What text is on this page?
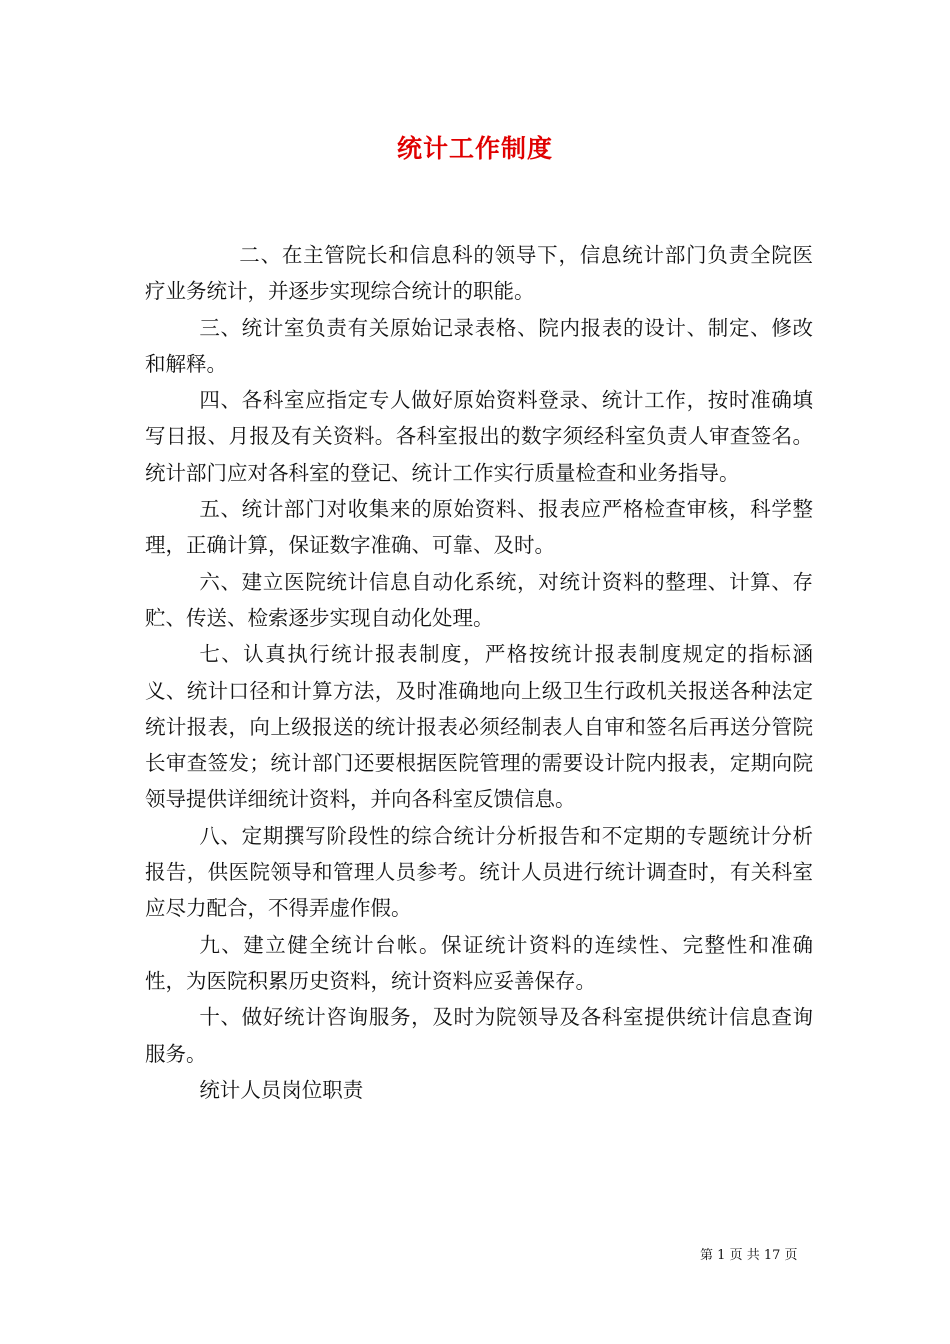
统计工作制度

二、在主管院长和信息科的领导下，信息统计部门负责全院医疗业务统计，并逐步实现综合统计的职能。

三、统计室负责有关原始记录表格、院内报表的设计、制定、修改和解释。

四、各科室应指定专人做好原始资料登录、统计工作，按时准确填写日报、月报及有关资料。各科室报出的数字须经科室负责人审查签名。统计部门应对各科室的登记、统计工作实行质量检查和业务指导。

五、统计部门对收集来的原始资料、报表应严格检查审核，科学整理，正确计算，保证数字准确、可靠、及时。

六、建立医院统计信息自动化系统，对统计资料的整理、计算、存贮、传送、检索逐步实现自动化处理。

七、认真执行统计报表制度，严格按统计报表制度规定的指标涵义、统计口径和计算方法，及时准确地向上级卫生行政机关报送各种法定统计报表，向上级报送的统计报表必须经制表人自审和签名后再送分管院长审查签发；统计部门还要根据医院管理的需要设计院内报表，定期向院领导提供详细统计资料，并向各科室反馈信息。

八、定期撰写阶段性的综合统计分析报告和不定期的专题统计分析报告，供医院领导和管理人员参考。统计人员进行统计调查时，有关科室应尽力配合，不得弄虚作假。

九、建立健全统计台帐。保证统计资料的连续性、完整性和准确性，为医院积累历史资料，统计资料应妥善保存。

十、做好统计咨询服务，及时为院领导及各科室提供统计信息查询服务。

统计人员岗位职责

第 1 页 共 17 页
